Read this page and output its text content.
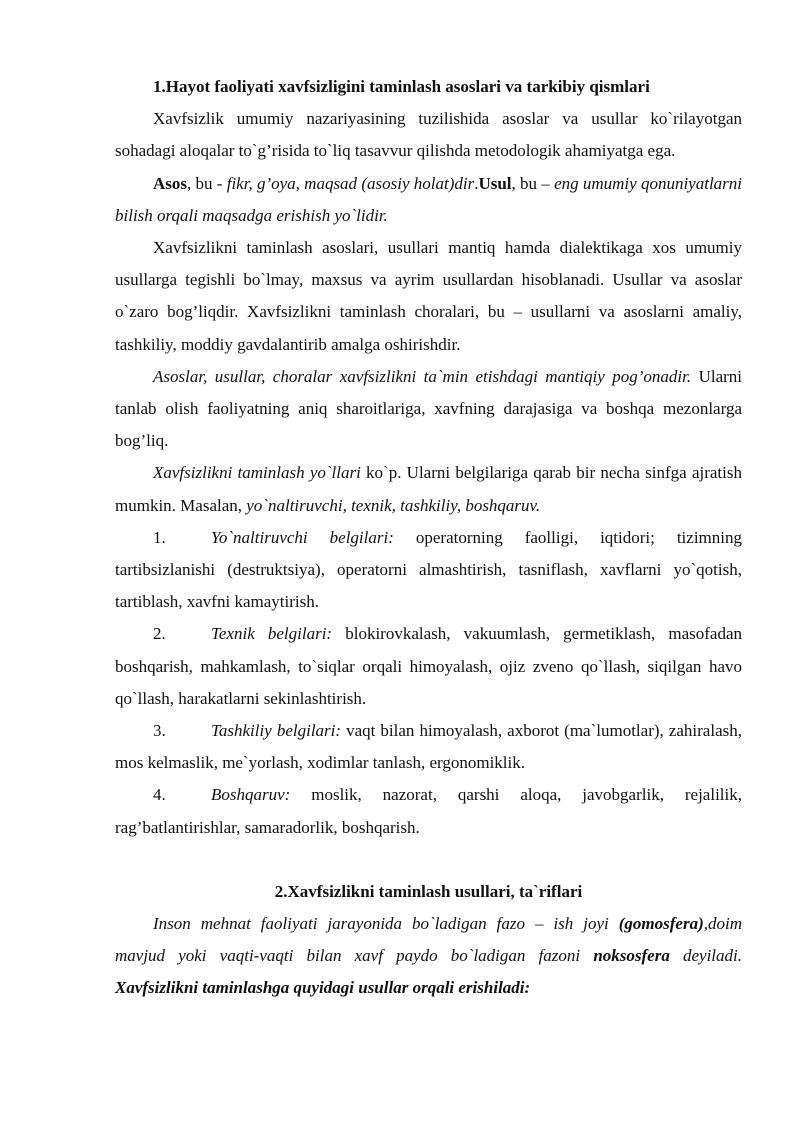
1.Hayot faoliyati xavfsizligini taminlash asoslari va tarkibiy qismlari

Xavfsizlik umumiy nazariyasining tuzilishida asoslar va usullar ko`rilayotgan sohadagi aloqalar to`g’risida to`liq tasavvur qilishda metodologik ahamiyatga ega.

Asos, bu - fikr, g’oya, maqsad (asosiy holat)dir.Usul, bu – eng umumiy qonuniyatlarni bilish orqali maqsadga erishish yo`lidir.

Xavfsizlikni taminlash asoslari, usullari mantiq hamda dialektikaga xos umumiy usullarga tegishli bo`lmay, maxsus va ayrim usullardan hisoblanadi. Usullar va asoslar o`zaro bog’liqdir. Xavfsizlikni taminlash choralari, bu – usullarni va asoslarni amaliy, tashkiliy, moddiy gavdalantirib amalga oshirishdir.

Asoslar, usullar, choralar xavfsizlikni ta`min etishdagi mantiqiy pog’onadir. Ularni tanlab olish faoliyatning aniq sharoitlariga, xavfning darajasiga va boshqa mezonlarga bog’liq.

Xavfsizlikni taminlash yo`llari ko`p. Ularni belgilariga qarab bir necha sinfga ajratish mumkin. Masalan, yo`naltiruvchi, texnik, tashkiliy, boshqaruv.

1.	Yo`naltiruvchi belgilari: operatorning faolligi, iqtidori; tizimning tartibsizlanishi (destruktsiya), operatorni almashtirish, tasniflash, xavflarni yo`qotish, tartiblash, xavfni kamaytirish.
2.	Texnik belgilari: blokirovkalash, vakuumlash, germetiklash, masofadan boshqarish, mahkamlash, to`siqlar orqali himoyalash, ojiz zveno qo`llash, siqilgan havo qo`llash, harakatlarni sekinlashtirish.
3.	Tashkiliy belgilari: vaqt bilan himoyalash, axborot (ma`lumotlar), zahiralash, mos kelmaslik, me`yorlash, xodimlar tanlash, ergonomiklik.
4.	Boshqaruv: moslik, nazorat, qarshi aloqa, javobgarlik, rejalilik, rag’batlantirishlar, samaradorlik, boshqarish.
2.Xavfsizlikni taminlash usullari, ta`riflari

Inson mehnat faoliyati jarayonida bo`ladigan fazo – ish joyi (gomosfera),doim mavjud yoki vaqti-vaqti bilan xavf paydo bo`ladigan fazoni noksosfera deyiladi. Xavfsizlikni taminlashga quyidagi usullar orqali erishiladi:
